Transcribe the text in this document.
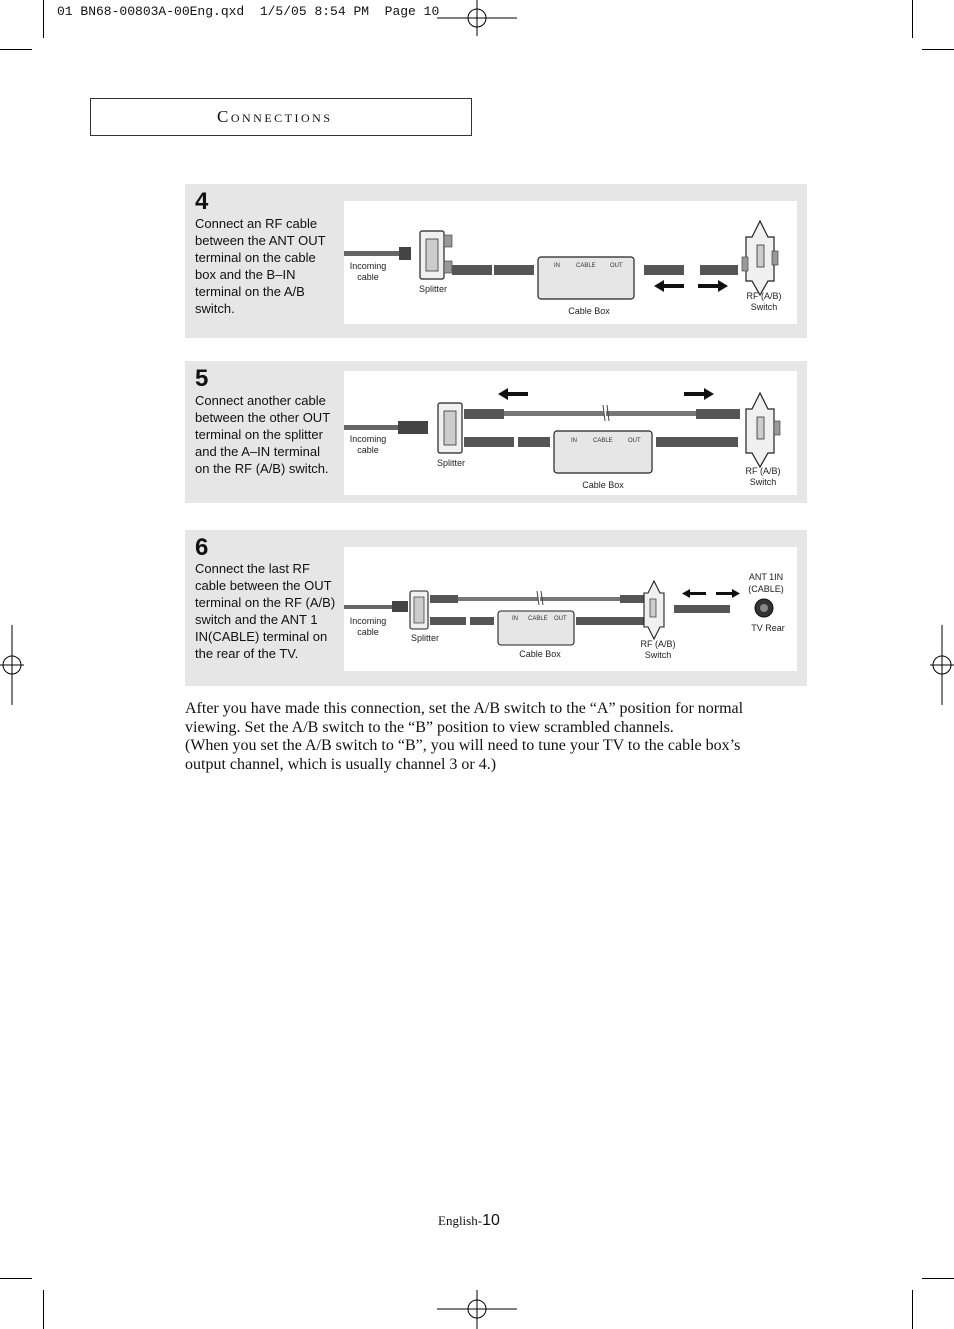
01 BN68-00803A-00Eng.qxd  1/5/05 8:54 PM  Page 10
Connections
4
Connect an RF cable between the ANT OUT terminal on the cable box and the B–IN terminal on the A/B switch.
IN	CABLE OUT
Incoming cable
Splitter
Cable Box
RF (A/B) Switch
5
Connect another cable between the other OUT terminal on the splitter and the A–IN terminal on the RF (A/B) switch.
IN	CABLE	OUT
Incoming cable
Splitter
Cable Box
RF (A/B) Switch
6
Connect the last RF cable between the OUT terminal on the RF (A/B) switch and the ANT 1 IN(CABLE) terminal on the rear of the TV.
IN CABLE OUT
ANT 1IN (CABLE)
TV Rear
Incoming cable
Splitter
Cable Box
RF (A/B) Switch

After you have made this connection, set the A/B switch to the “A” position for normal viewing. Set the A/B switch to the “B” position to view scrambled channels.

(When you set the A/B switch to “B”, you will need to tune your TV to the cable box’s output channel, which is usually channel 3 or 4.)

English-10
